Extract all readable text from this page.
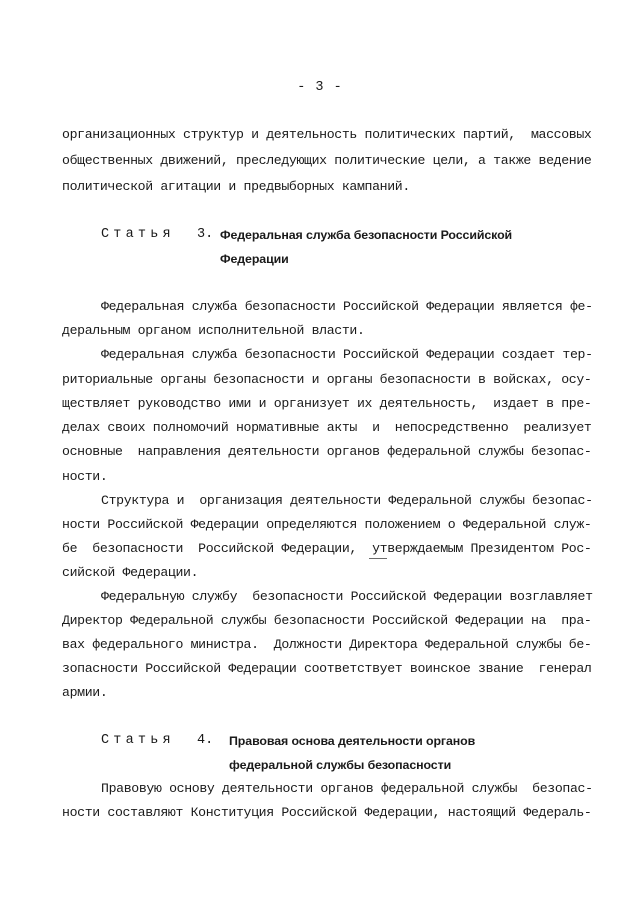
- 3 -
организационных структур и деятельность политических партий,  массовых
общественных движений, преследующих политические цели, а также ведение
политической агитации и предвыборных кампаний.
Статья 3. Федеральная служба безопасности Российской
Федерации
Федеральная служба безопасности Российской Федерации является фе-
деральным органом исполнительной власти.
Федеральная служба безопасности Российской Федерации создает тер-
риториальные органы безопасности и органы безопасности в войсках, осу-
ществляет руководство ими и организует их деятельность,  издает в пре-
делах своих полномочий нормативные акты  и  непосредственно  реализует
основные  направления деятельности органов федеральной службы безопас-
ности.
Структура и  организация деятельности Федеральной службы безопас-
ности Российской Федерации определяются положением о Федеральной служ-
бе  безопасности  Российской Федерации,  утверждаемым Президентом Рос-
сийской Федерации.
Федеральную службу  безопасности Российской Федерации возглавляет
Директор Федеральной службы безопасности Российской Федерации на  пра-
вах федерального министра.  Должности Директора Федеральной службы бе-
зопасности Российской Федерации соответствует воинское звание  генерал
армии.
Статья 4. Правовая основа деятельности органов
федеральной службы безопасности
Правовую основу деятельности органов федеральной службы  безопас-
ности составляют Конституция Российской Федерации, настоящий Федераль-
